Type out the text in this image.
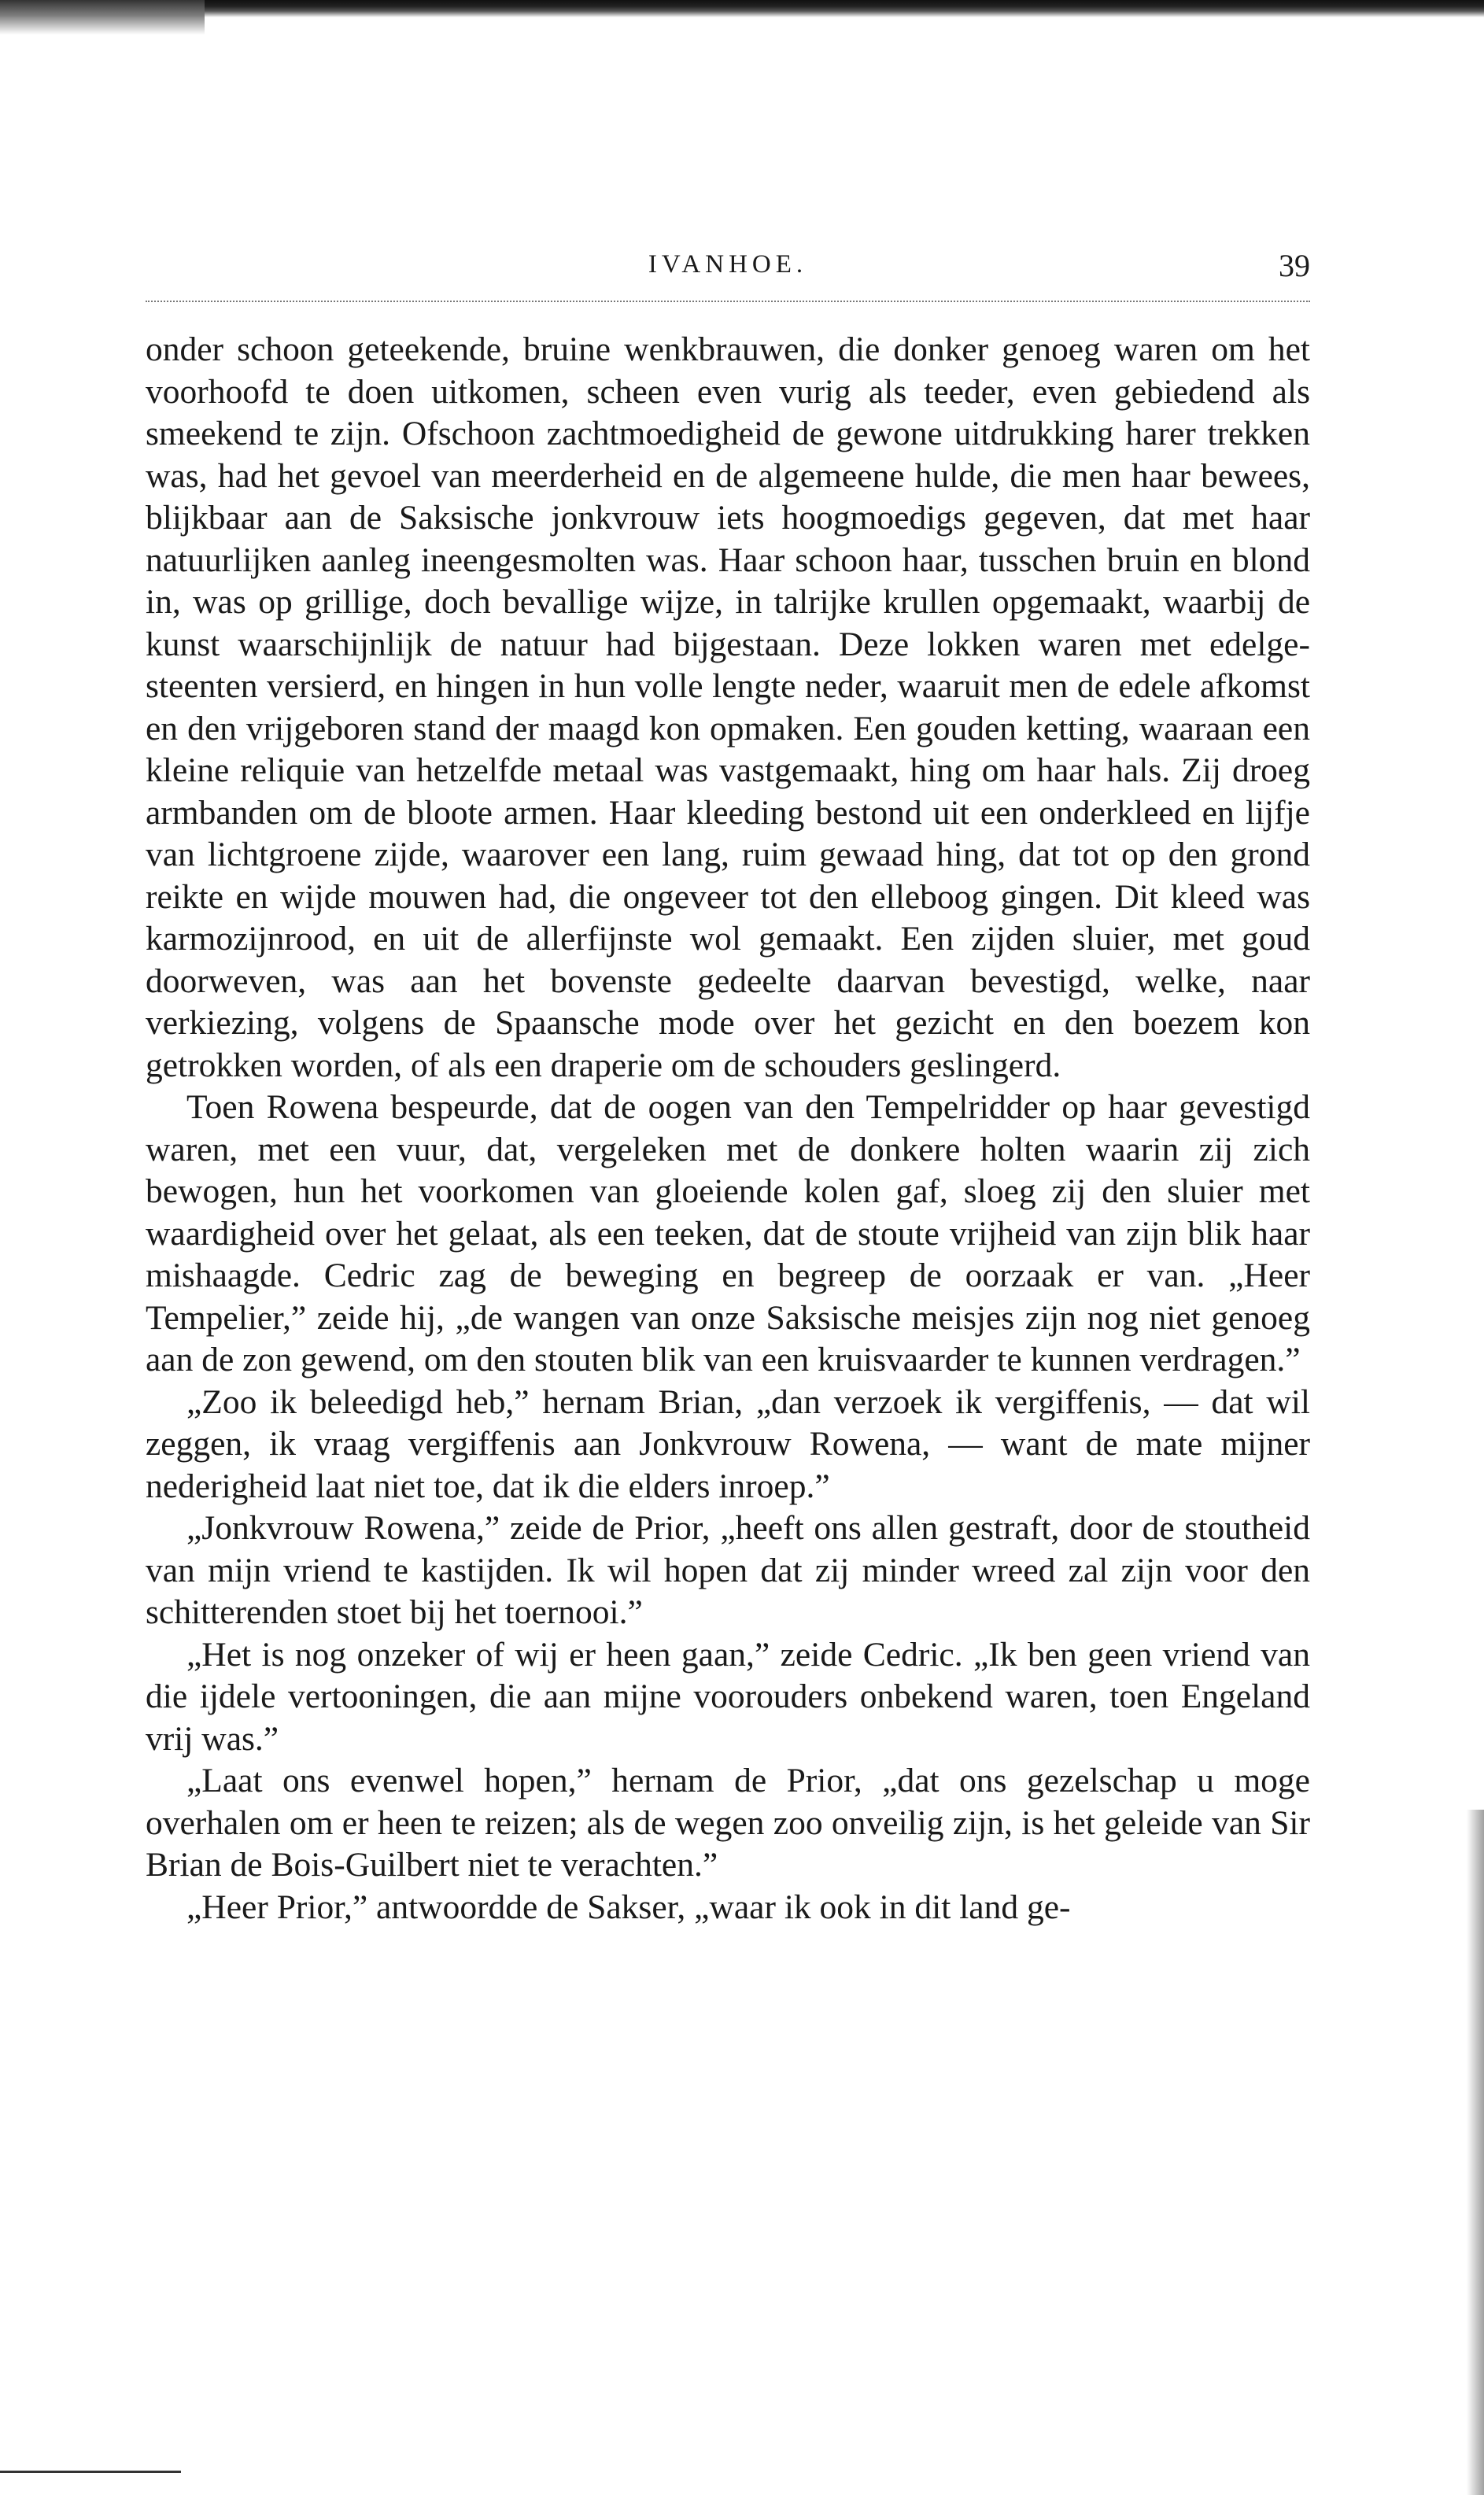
IVANHOE.	39

onder schoon geteekende, bruine wenkbrauwen, die donker genoeg waren om het voorhoofd te doen uitkomen, scheen even vurig als teeder, even gebiedend als smeekend te zijn. Ofschoon zachtmoedigheid de gewone uitdrukking harer trekken was, had het gevoel van meerderheid en de algemeene hulde, die men haar bewees, blijkbaar aan de Saksische jonkvrouw iets hoogmoedigs gegeven, dat met haar natuurlijken aanleg ineengesmolten was. Haar schoon haar, tusschen bruin en blond in, was op grillige, doch bevallige wijze, in talrijke krullen opgemaakt, waarbij de kunst waarschijnlijk de natuur had bijgestaan. Deze lokken waren met edelgesteenten versierd, en hingen in hun volle lengte neder, waaruit men de edele afkomst en den vrijgeboren stand der maagd kon opmaken. Een gouden ketting, waaraan een kleine reliquie van hetzelfde metaal was vastgemaakt, hing om haar hals. Zij droeg armbanden om de bloote armen. Haar kleeding bestond uit een onderkleed en lijfje van lichtgroene zijde, waarover een lang, ruim gewaad hing, dat tot op den grond reikte en wijde mouwen had, die ongeveer tot den elleboog gingen. Dit kleed was karmozijnrood, en uit de allerfijnste wol gemaakt. Een zijden sluier, met goud doorweven, was aan het bovenste gedeelte daarvan bevestigd, welke, naar verkiezing, volgens de Spaansche mode over het gezicht en den boezem kon getrokken worden, of als een draperie om de schouders geslingerd.

Toen Rowena bespeurde, dat de oogen van den Tempelridder op haar gevestigd waren, met een vuur, dat, vergeleken met de donkere holten waarin zij zich bewogen, hun het voorkomen van gloeiende kolen gaf, sloeg zij den sluier met waardigheid over het gelaat, als een teeken, dat de stoute vrijheid van zijn blik haar mishaagde. Cedric zag de beweging en begreep de oorzaak er van. „Heer Tempelier,” zeide hij, „de wangen van onze Saksische meisjes zijn nog niet genoeg aan de zon gewend, om den stouten blik van een kruisvaarder te kunnen verdragen.”

„Zoo ik beleedigd heb,” hernam Brian, „dan verzoek ik vergiffenis, — dat wil zeggen, ik vraag vergiffenis aan Jonkvrouw Rowena, — want de mate mijner nederigheid laat niet toe, dat ik die elders inroep.”

„Jonkvrouw Rowena,” zeide de Prior, „heeft ons allen gestraft, door de stoutheid van mijn vriend te kastijden. Ik wil hopen dat zij minder wreed zal zijn voor den schitterenden stoet bij het toernooi.”

„Het is nog onzeker of wij er heen gaan,” zeide Cedric. „Ik ben geen vriend van die ijdele vertooningen, die aan mijne voorouders onbekend waren, toen Engeland vrij was.”

„Laat ons evenwel hopen,” hernam de Prior, „dat ons gezelschap u moge overhalen om er heen te reizen; als de wegen zoo onveilig zijn, is het geleide van Sir Brian de Bois-Guilbert niet te verachten.”

„Heer Prior,” antwoordde de Sakser, „waar ik ook in dit land ge-
